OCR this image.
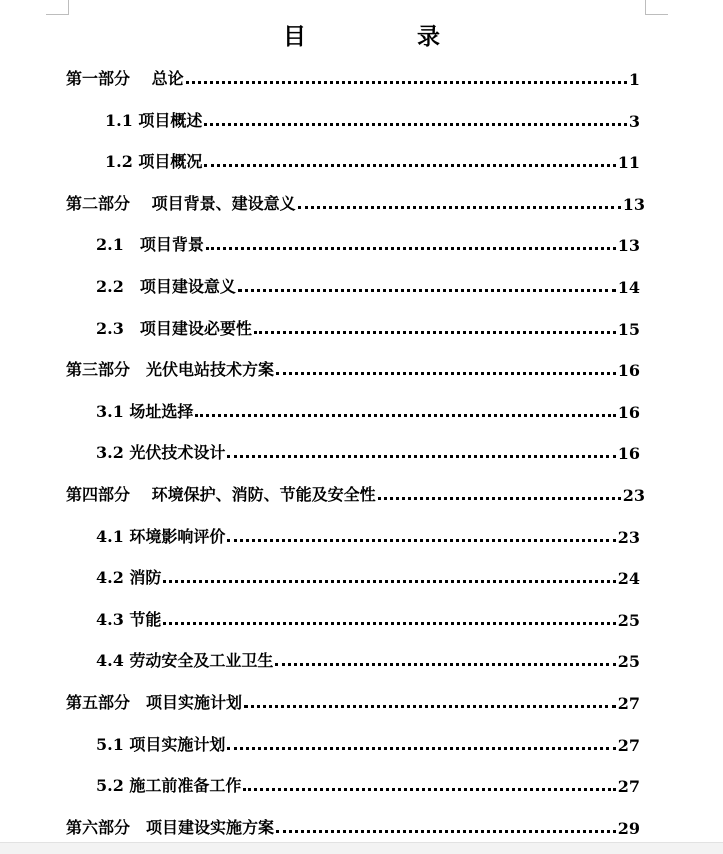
目　录
第一部分　 总论	1
1.1 项目概述	3
1.2 项目概况	11
第二部分　 项目背景、建设意义	13
2.1　项目背景	13
2.2　项目建设意义	14
2.3　项目建设必要性	15
第三部分　光伏电站技术方案	16
3.1 场址选择	16
3.2 光伏技术设计	16
第四部分　 环境保护、消防、节能及安全性	23
4.1 环境影响评价	23
4.2 消防	24
4.3 节能	25
4.4 劳动安全及工业卫生	25
第五部分　项目实施计划	27
5.1 项目实施计划	27
5.2 施工前准备工作	27
第六部分　项目建设实施方案	29
